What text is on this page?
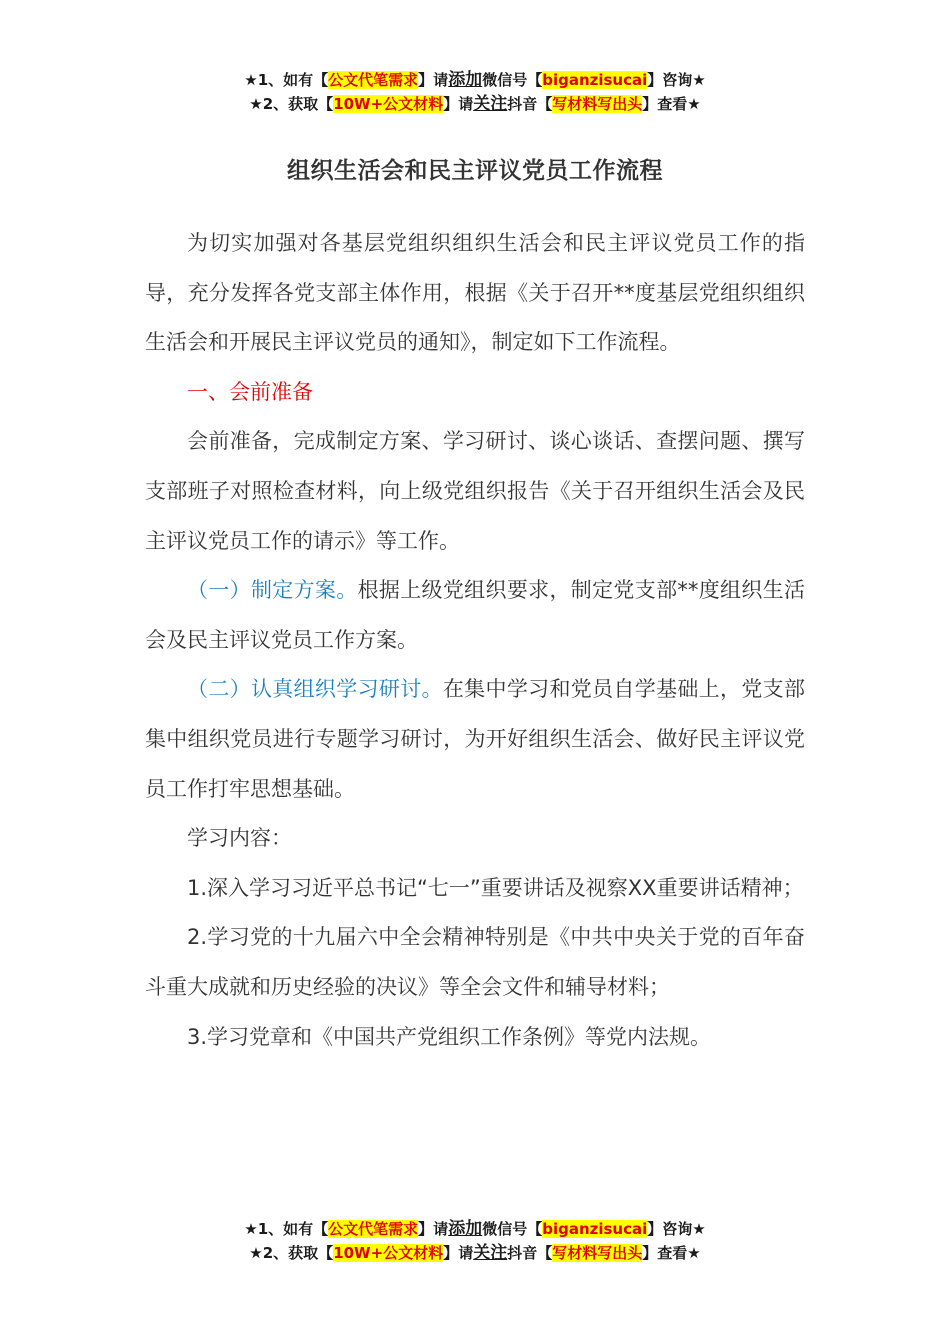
★1、如有【公文代笔需求】请添加微信号【biganzisucai】咨询★
★2、获取【10W+公文材料】请关注抖音【写材料写出头】查看★
组织生活会和民主评议党员工作流程

为切实加强对各基层党组织组织生活会和民主评议党员工作的指导，充分发挥各党支部主体作用，根据《关于召开**度基层党组织组织生活会和开展民主评议党员的通知》，制定如下工作流程。

一、会前准备

会前准备，完成制定方案、学习研讨、谈心谈话、查摆问题、撰写支部班子对照检查材料，向上级党组织报告《关于召开组织生活会及民主评议党员工作的请示》等工作。

（一）制定方案。根据上级党组织要求，制定党支部**度组织生活会及民主评议党员工作方案。

（二）认真组织学习研讨。在集中学习和党员自学基础上，党支部集中组织党员进行专题学习研讨，为开好组织生活会、做好民主评议党员工作打牢思想基础。

学习内容：

1.深入学习习近平总书记“七一”重要讲话及视察XX重要讲话精神；

2.学习党的十九届六中全会精神特别是《中共中央关于党的百年奋斗重大成就和历史经验的决议》等全会文件和辅导材料；

3.学习党章和《中国共产党组织工作条例》等党内法规。

★1、如有【公文代笔需求】请添加微信号【biganzisucai】咨询★
★2、获取【10W+公文材料】请关注抖音【写材料写出头】查看★
